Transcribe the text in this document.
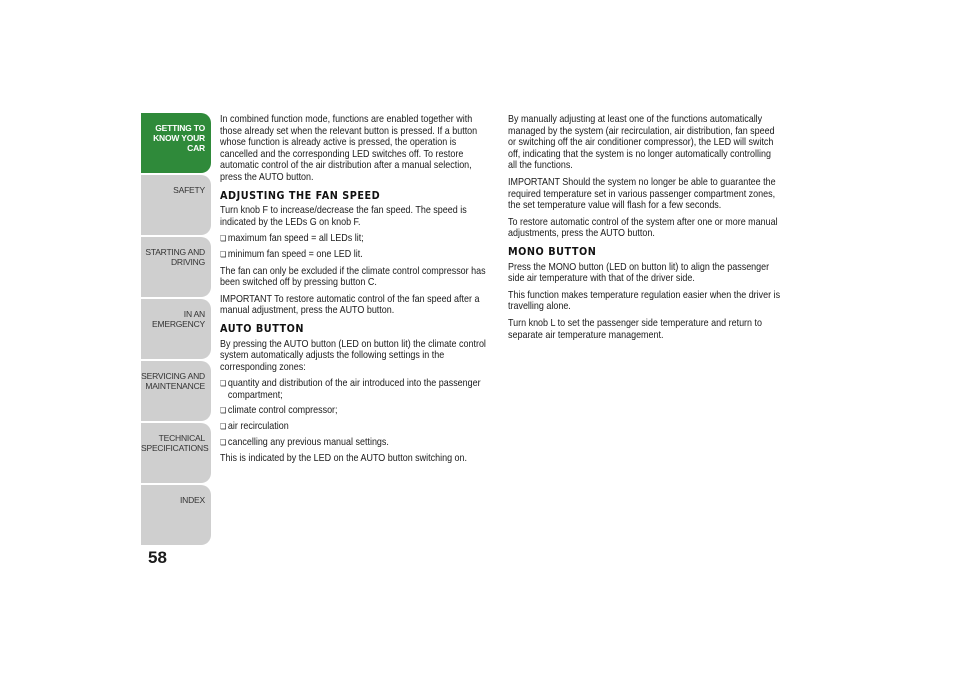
GETTING TO
KNOW YOUR CAR
SAFETY
STARTING AND
DRIVING
IN AN EMERGENCY
SERVICING AND
MAINTENANCE
TECHNICAL
SPECIFICATIONS
INDEX
58

In combined function mode, functions are enabled together with those already set when the relevant button is pressed. If a button whose function is already active is pressed, the operation is cancelled and the corresponding LED switches off. To restore automatic control of the air distribution after a manual selection, press the AUTO button.

ADJUSTING THE FAN SPEED

Turn knob F to increase/decrease the fan speed. The speed is indicated by the LEDs G on knob F.

❏ maximum fan speed = all LEDs lit;
❏ minimum fan speed = one LED lit.

The fan can only be excluded if the climate control compressor has been switched off by pressing button C.

IMPORTANT To restore automatic control of the fan speed after a manual adjustment, press the AUTO button.

AUTO BUTTON

By pressing the AUTO button (LED on button lit) the climate control system automatically adjusts the following settings in the corresponding zones:

❏ quantity and distribution of the air introduced into the passenger compartment;
❏ climate control compressor;
❏ air recirculation
❏ cancelling any previous manual settings.

This is indicated by the LED on the AUTO button switching on.

By manually adjusting at least one of the functions automatically managed by the system (air recirculation, air distribution, fan speed or switching off the air conditioner compressor), the LED will switch off, indicating that the system is no longer automatically controlling all the functions.

IMPORTANT Should the system no longer be able to guarantee the required temperature set in various passenger compartment zones, the set temperature value will flash for a few seconds.

To restore automatic control of the system after one or more manual adjustments, press the AUTO button.

MONO BUTTON

Press the MONO button (LED on button lit) to align the passenger side air temperature with that of the driver side.

This function makes temperature regulation easier when the driver is travelling alone.

Turn knob L to set the passenger side temperature and return to separate air temperature management.
